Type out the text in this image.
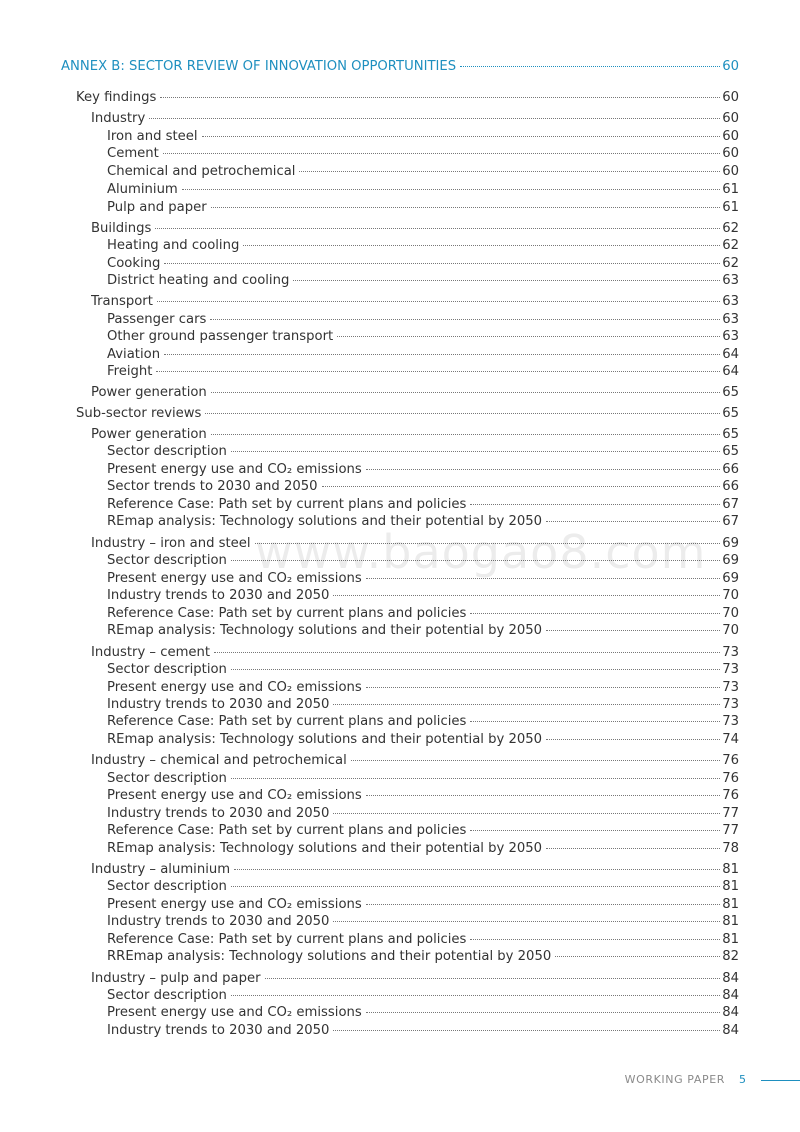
ANNEX B: SECTOR REVIEW OF INNOVATION OPPORTUNITIES	60
Key findings	60
Industry	60
Iron and steel	60
Cement	60
Chemical and petrochemical	60
Aluminium	61
Pulp and paper	61
Buildings	62
Heating and cooling	62
Cooking	62
District heating and cooling	63
Transport	63
Passenger cars	63
Other ground passenger transport	63
Aviation	64
Freight	64
Power generation	65
Sub-sector reviews	65
Power generation	65
Sector description	65
Present energy use and CO₂ emissions	66
Sector trends to 2030 and 2050	66
Reference Case: Path set by current plans and policies	67
REmap analysis: Technology solutions and their potential by 2050	67
Industry – iron and steel	69
Sector description	69
Present energy use and CO₂ emissions	69
Industry trends to 2030 and 2050	70
Reference Case: Path set by current plans and policies	70
REmap analysis: Technology solutions and their potential by 2050	70
Industry – cement	73
Sector description	73
Present energy use and CO₂ emissions	73
Industry trends to 2030 and 2050	73
Reference Case: Path set by current plans and policies	73
REmap analysis: Technology solutions and their potential by 2050	74
Industry – chemical and petrochemical	76
Sector description	76
Present energy use and CO₂ emissions	76
Industry trends to 2030 and 2050	77
Reference Case: Path set by current plans and policies	77
REmap analysis: Technology solutions and their potential by 2050	78
Industry – aluminium	81
Sector description	81
Present energy use and CO₂ emissions	81
Industry trends to 2030 and 2050	81
Reference Case: Path set by current plans and policies	81
RREmap analysis: Technology solutions and their potential by 2050	82
Industry – pulp and paper	84
Sector description	84
Present energy use and CO₂ emissions	84
Industry trends to 2030 and 2050	84
www.baogao8.com
WORKING PAPER 5
